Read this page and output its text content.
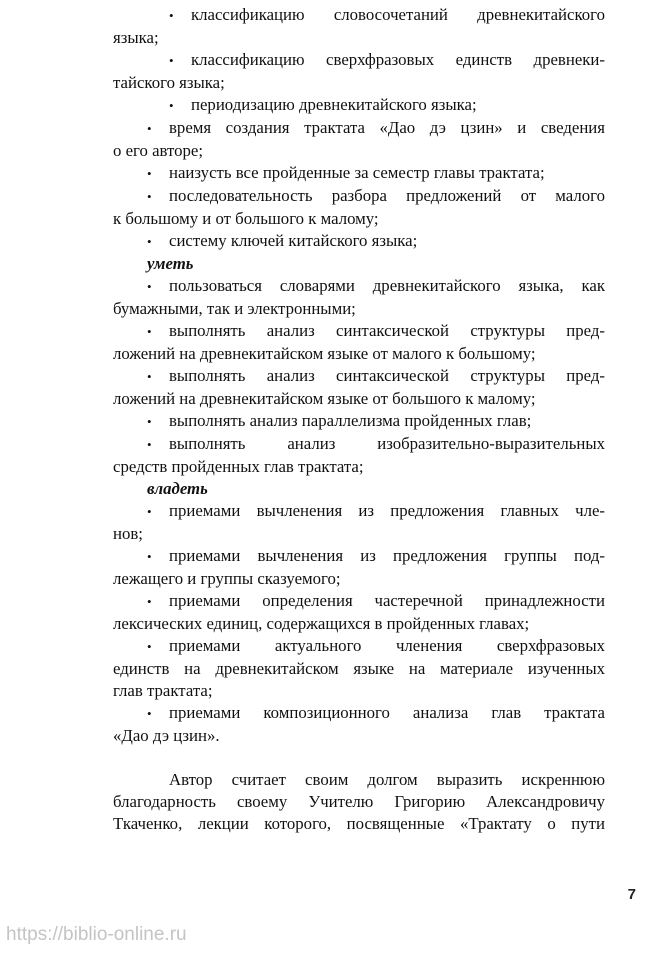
•	классификацию словосочетаний древнекитайского
языка;
•	классификацию сверхфразовых единств древнеки-
тайского языка;
•	периодизацию древнекитайского языка;
•	время создания трактата «Дао дэ цзин» и сведения
о его авторе;
•	наизусть все пройденные за семестр главы трактата;
•	последовательность разбора предложений от малого
к большому и от большого к малому;
•	систему ключей китайского языка;
уметь
•	пользоваться словарями древнекитайского языка, как
бумажными, так и электронными;
•	выполнять анализ синтаксической структуры пред-
ложений на древнекитайском языке от малого к большому;
•	выполнять анализ синтаксической структуры пред-
ложений на древнекитайском языке от большого к малому;
•	выполнять анализ параллелизма пройденных глав;
•	выполнять анализ изобразительно-выразительных
средств пройденных глав трактата;
владеть
•	приемами вычленения из предложения главных чле-
нов;
•	приемами вычленения из предложения группы под-
лежащего и группы сказуемого;
•	приемами определения частеречной принадлежности
лексических единиц, содержащихся в пройденных главах;
•	приемами актуального членения сверхфразовых
единств на древнекитайском языке на материале изученных
глав трактата;
•	приемами композиционного анализа глав трактата
«Дао дэ цзин».
Автор считает своим долгом выразить искреннюю
благодарность своему Учителю Григорию Александровичу
Ткаченко, лекции которого, посвященные «Трактату о пути
7
https://biblio-online.ru
